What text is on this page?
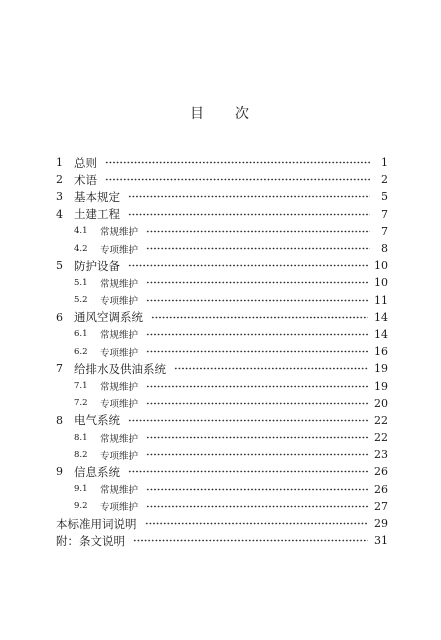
目 次
1 总则	1
2 术语	2
3 基本规定	5
4 土建工程	7
4.1	常规维护	7
4.2	专项维护	8
5 防护设备	10
5.1	常规维护	10
5.2	专项维护	11
6 通风空调系统	14
6.1	常规维护	14
6.2	专项维护	16
7 给排水及供油系统	19
7.1	常规维护	19
7.2	专项维护	20
8 电气系统	22
8.1	常规维护	22
8.2	专项维护	23
9 信息系统	26
9.1	常规维护	26
9.2	专项维护	27
本标准用词说明	29
附：条文说明	31
